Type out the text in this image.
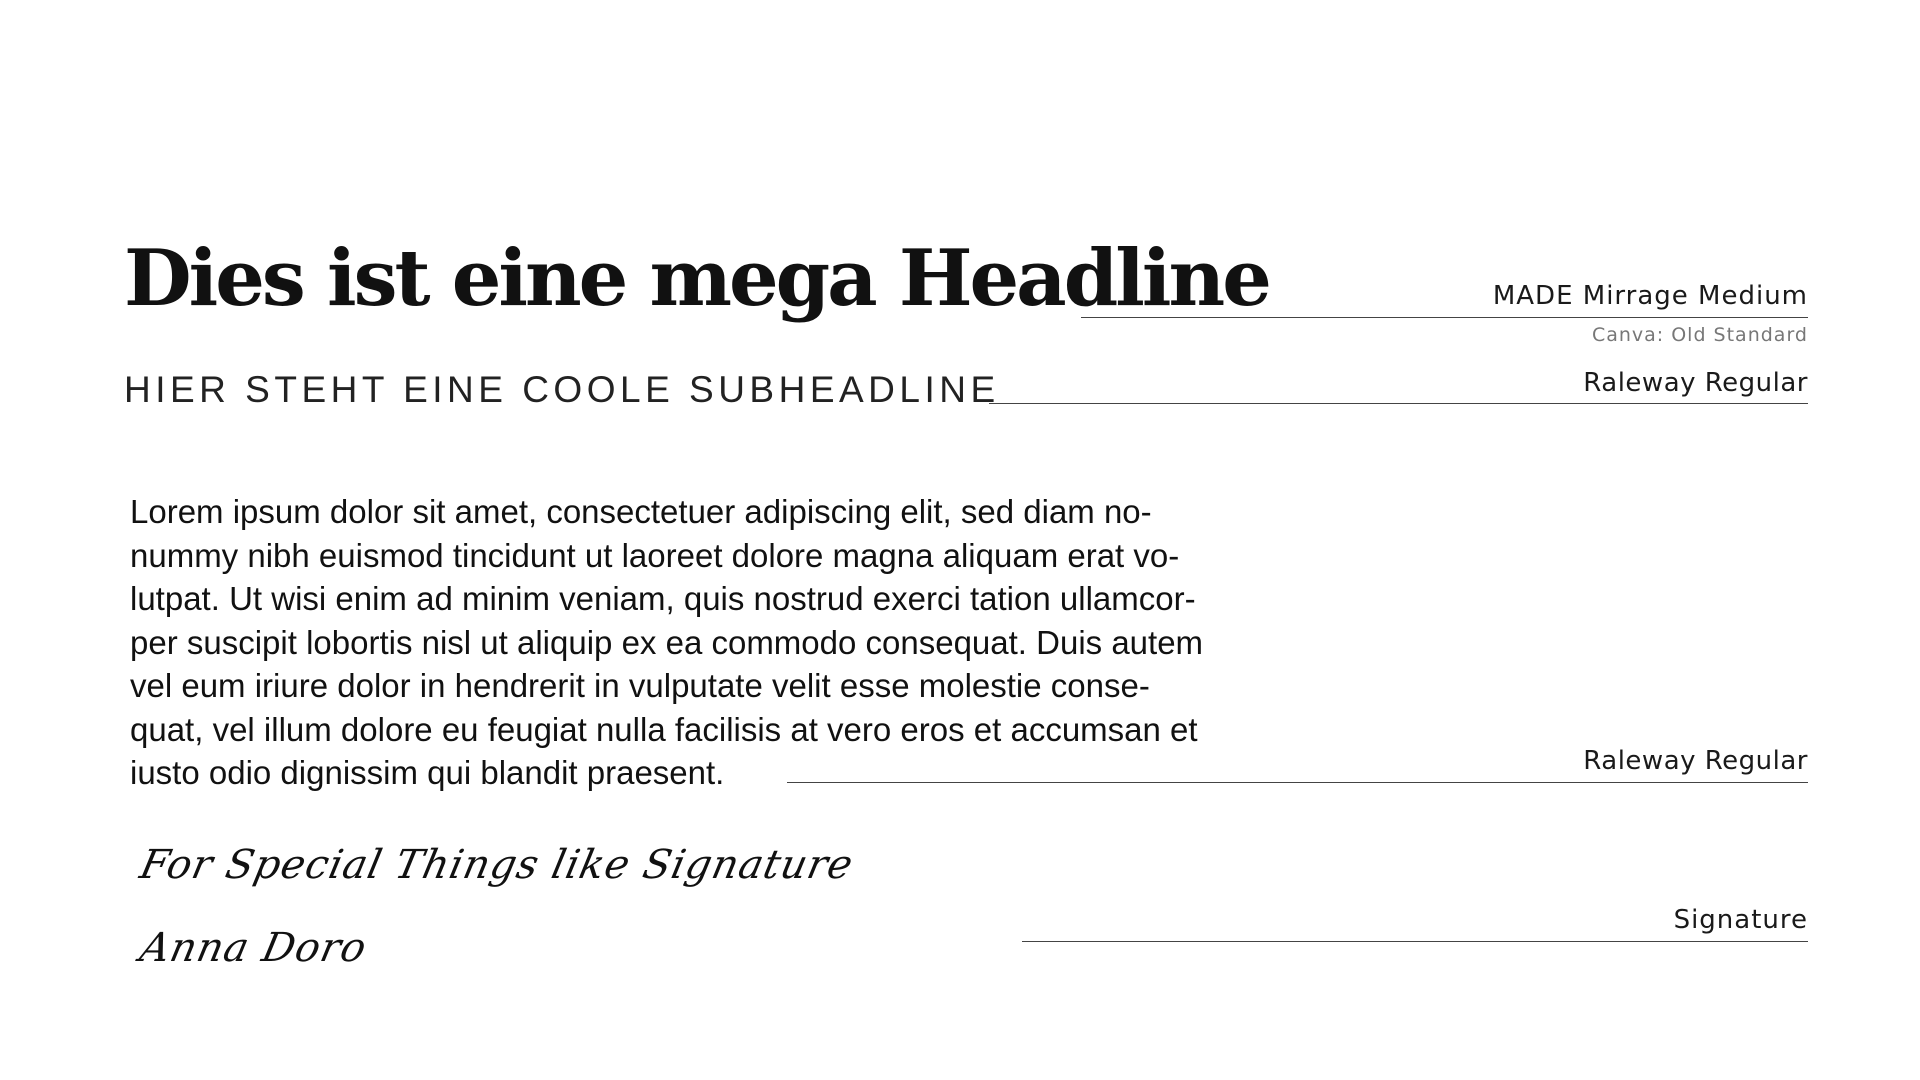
Dies ist eine mega Headline	MADE Mirrage Medium
Canva: Old Standard
HIER STEHT EINE COOLE SUBHEADLINE	Raleway Regular
Lorem ipsum dolor sit amet, consectetuer adipiscing elit, sed diam no-
nummy nibh euismod tincidunt ut laoreet dolore magna aliquam erat vo-
lutpat. Ut wisi enim ad minim veniam, quis nostrud exerci tation ullamcor-
per suscipit lobortis nisl ut aliquip ex ea commodo consequat. Duis autem
vel eum iriure dolor in hendrerit in vulputate velit esse molestie conse-
quat, vel illum dolore eu feugiat nulla facilisis at vero eros et accumsan et
iusto odio dignissim qui blandit praesent.	Raleway Regular
For Special Things like Signature
Anna Doro
Signature
